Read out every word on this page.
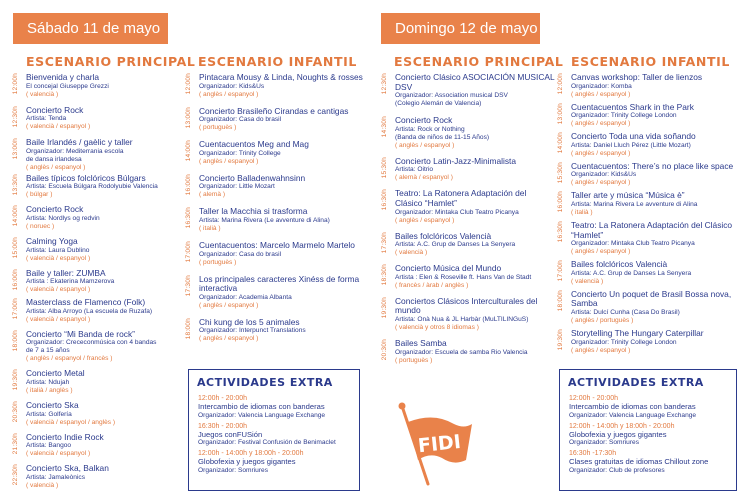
Sábado 11 de mayo	Domingo 12 de mayo
ESCENARIO PRINCIPAL ESCENARIO INFANTIL	ESCENARIO PRINCIPAL ESCENARIO INFANTIL
12:00h Bienvenida y charla
El concejal Giuseppe Grezzi
( valencià )
12:30h Concierto Rock
Artista: Tenda
( valencià / espanyol )
13:00h Baile Irlandés / gaèlic y taller
Organizador: Mediterrania escola
de dansa irlandesa
( anglès / espanyol )
13:30h Bailes típicos folclóricos Búlgars
Artista: Escuela Búlgara Rodolyubie Valencia
( búlgar )
14:00h Concierto Rock
Artista: Nordlys og redvin
( noruec )
15:00h Calming Yoga
Artista: Laura Dublino
( valencià / espanyol )
16:00h Baile y taller: ZUMBA
Artista : Ekaterina Mamzerova
( valencià / espanyol )
17:00h Masterclass de Flamenco (Folk)
Artista: Alba Arroyo (La escuela de Ruzafa)
( valencià / espanyol )
18:00h Concierto “Mi Banda de rock”
Organizador: Crececonmúsica con 4 bandas
de 7 a 15 años
( anglès / espanyol / francès )
19:30h Concierto Metal
Artista: Ndujah
( italià / anglès )
20:30h Concierto Ska
Artista: Golfería
( valencià / espanyol / anglès )
21:30h Concierto Indie Rock
Artista: Bangoo
( valencià / espanyol )
22:30h Concierto Ska, Balkan
Artista: Jamaleònics
( valencià )
12:00h Pintacara Mousy & Linda, Noughts & rosses
Organizador: Kids&Us
( anglès / espanyol )
13:00h Concierto Brasileño Cirandas e cantigas
Organizador: Casa do brasil
( portuguès )
14:00h Cuentacuentos Meg and Mag
Organizador: Trinity College
( anglès / espanyol )
16:00h Concierto Balladenwahnsinn
Organizador: Little Mozart
( alemà )
16:30h Taller la Macchia si trasforma
Artista: Marina Rivera (Le avventure di Alina)
( italià )
17:00h Cuentacuentos: Marcelo Marmelo Martelo
Organizador: Casa do brasil
( portuguès )
17:30h Los principales caracteres Xinéss de forma interactiva
Organizador: Academia Albanta
( anglès / espanyol )
18:00h Chi kung de los 5 animales
Organizador: Interpunct Translations
( anglès / espanyol )
12:30h Concierto Clásico ASOCIACIÓN MUSICAL DSV
Organizador: Association musical DSV
(Colegio Alemán de Valencia)
14:30h Concierto Rock
Artista: Rock or Nothing
(Banda de niños de 11-15 Años)
( anglès / espanyol )
15:30h Concierto Latin-Jazz-Minimalista
Artista: Oitrio
( alemà / espanyol )
16:30h Teatro: La Ratonera Adaptación del Clásico “Hamlet”
Organizador: Mintaka Club Teatro Picanya
( anglès / espanyol )
17:30h Bailes folclóricos Valencià
Artista: A.C. Grup de Danses La Senyera
( valencià )
18:30h Concierto Música del Mundo
Artista : Elen & Roseville ft. Hans Van de Stadt
( francès / àrab / anglès )
19:30h Conciertos Clásicos Interculturales del mundo
Artista: Onà Nua & JL Harbàr (MuLTILINGuS)
( valencià y otros 8 idiomas )
20:30h Bailes Samba
Organizador: Escuela de samba Rio Valencia
( portuguès )
12:00h Canvas workshop: Taller de lienzos
Organizador: Komba
( anglès / espanyol )
13:00h Cuentacuentos Shark in the Park
Organizador: Trinity College London
( anglès / espanyol )
14:00h Concierto Toda una vida soñando
Artista: Daniel Lluch Pérez (Little Mozart)
( anglès / espanyol )
15:30h Cuentacuentos: There’s no place like space
Organizador: Kids&Us
( anglès / espanyol )
16:00h Taller arte y música “Música è”
Artista: Marina Rivera Le avventure di Alina
( italià )
16:30h Teatro: La Ratonera Adaptación del Clásico “Hamlet”
Organizador: Mintaka Club Teatro Picanya
( anglès / espanyol )
17:00h Bailes folclóricos Valencià
Artista: A.C. Grup de Danses La Senyera
( valencià )
18:00h Concierto Un poquet de Brasil Bossa nova, Samba
Artista: Dulcí Cunha (Casa Do Brasil)
( anglès / portuguès )
19:30h Storytelling The Hungary Caterpillar
Organizador: Trinity College London
( anglès / espanyol )
ACTIVIDADES EXTRA
12:00h - 20:00h
Intercambio de idiomas con banderas
Organizador: Valencia Language Exchange
16:30h - 20:00h
Juegos conFUSión
Organizador: Festival Confusión de Benimaclet
12:00h - 14:00h y 18:00h - 20:00h
Globofexia y juegos gigantes
Organizador: Somriures
ACTIVIDADES EXTRA
12:00h - 20:00h
Intercambio de idiomas con banderas
Organizador: Valencia Language Exchange
12:00h - 14:00h y 18:00h - 20:00h
Globofexia y juegos gigantes
Organizador: Somriures
16:30h -17:30h
Clases gratuitas de idiomas Chillout zone
Organizador: Club de profesores
FIDI
